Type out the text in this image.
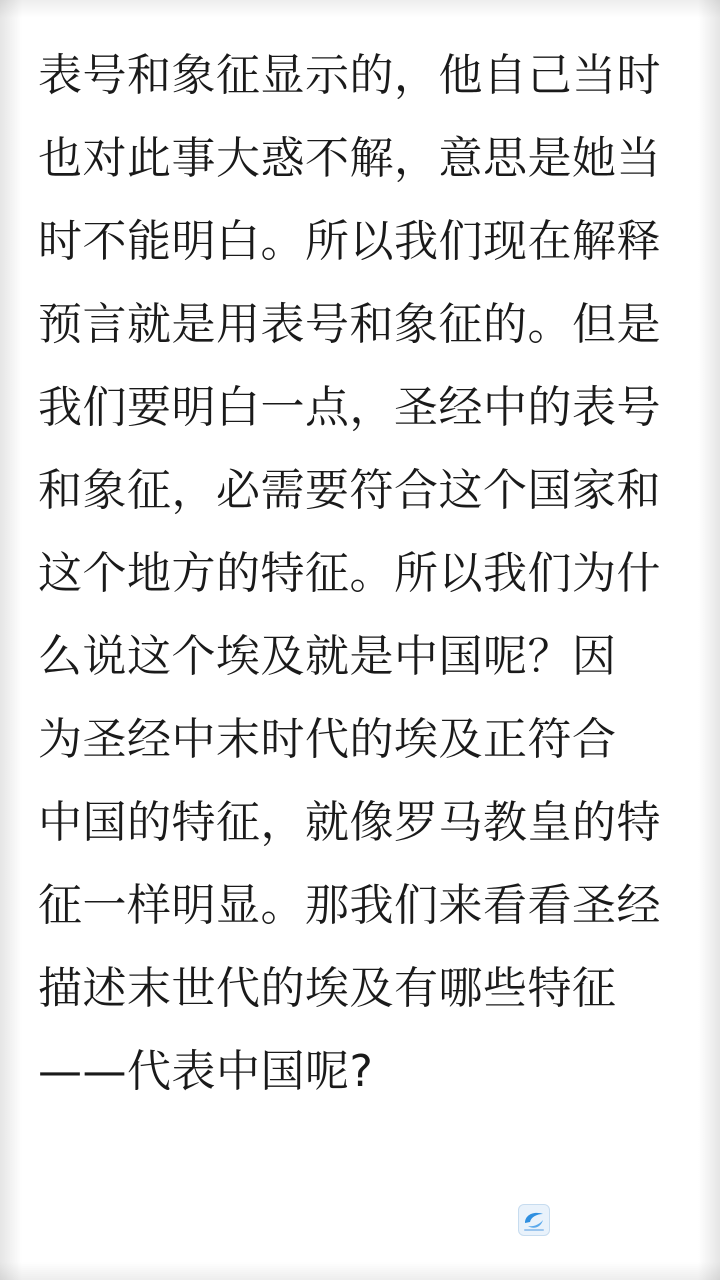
表号和象征显示的，他自己当时
也对此事大惑不解，意思是她当
时不能明白。所以我们现在解释
预言就是用表号和象征的。但是
我们要明白一点，圣经中的表号
和象征，必需要符合这个国家和
这个地方的特征。所以我们为什
么说这个埃及就是中国呢？因
为圣经中末时代的埃及正符合
中国的特征，就像罗马教皇的特
征一样明显。那我们来看看圣经
描述末世代的埃及有哪些特征
——代表中国呢?
